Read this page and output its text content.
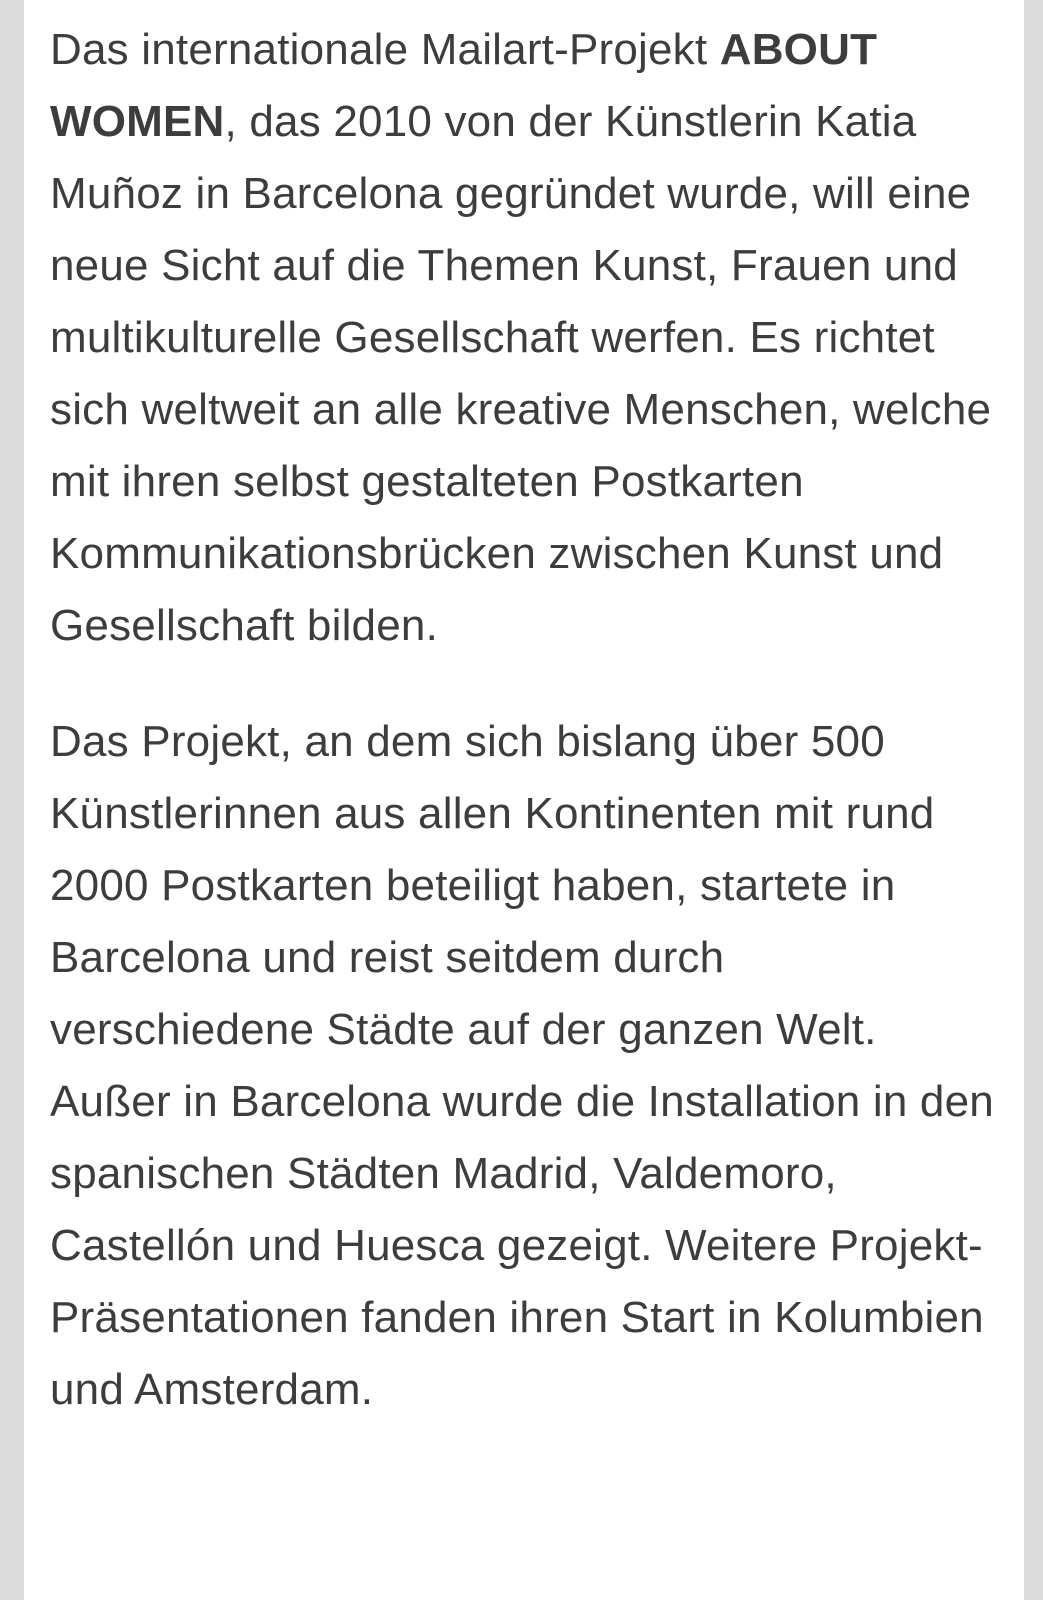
Das internationale Mailart-Projekt ABOUT WOMEN, das 2010 von der Künstlerin Katia Muñoz in Barcelona gegründet wurde, will eine neue Sicht auf die Themen Kunst, Frauen und multikulturelle Gesellschaft werfen. Es richtet sich weltweit an alle kreative Menschen, welche mit ihren selbst gestalteten Postkarten Kommunikationsbrücken zwischen Kunst und Gesellschaft bilden.

Das Projekt, an dem sich bislang über 500 Künstlerinnen aus allen Kontinenten mit rund 2000 Postkarten beteiligt haben, startete in Barcelona und reist seitdem durch verschiedene Städte auf der ganzen Welt. Außer in Barcelona wurde die Installation in den spanischen Städten Madrid, Valdemoro, Castellón und Huesca gezeigt. Weitere Projekt-Präsentationen fanden ihren Start in Kolumbien und Amsterdam.
